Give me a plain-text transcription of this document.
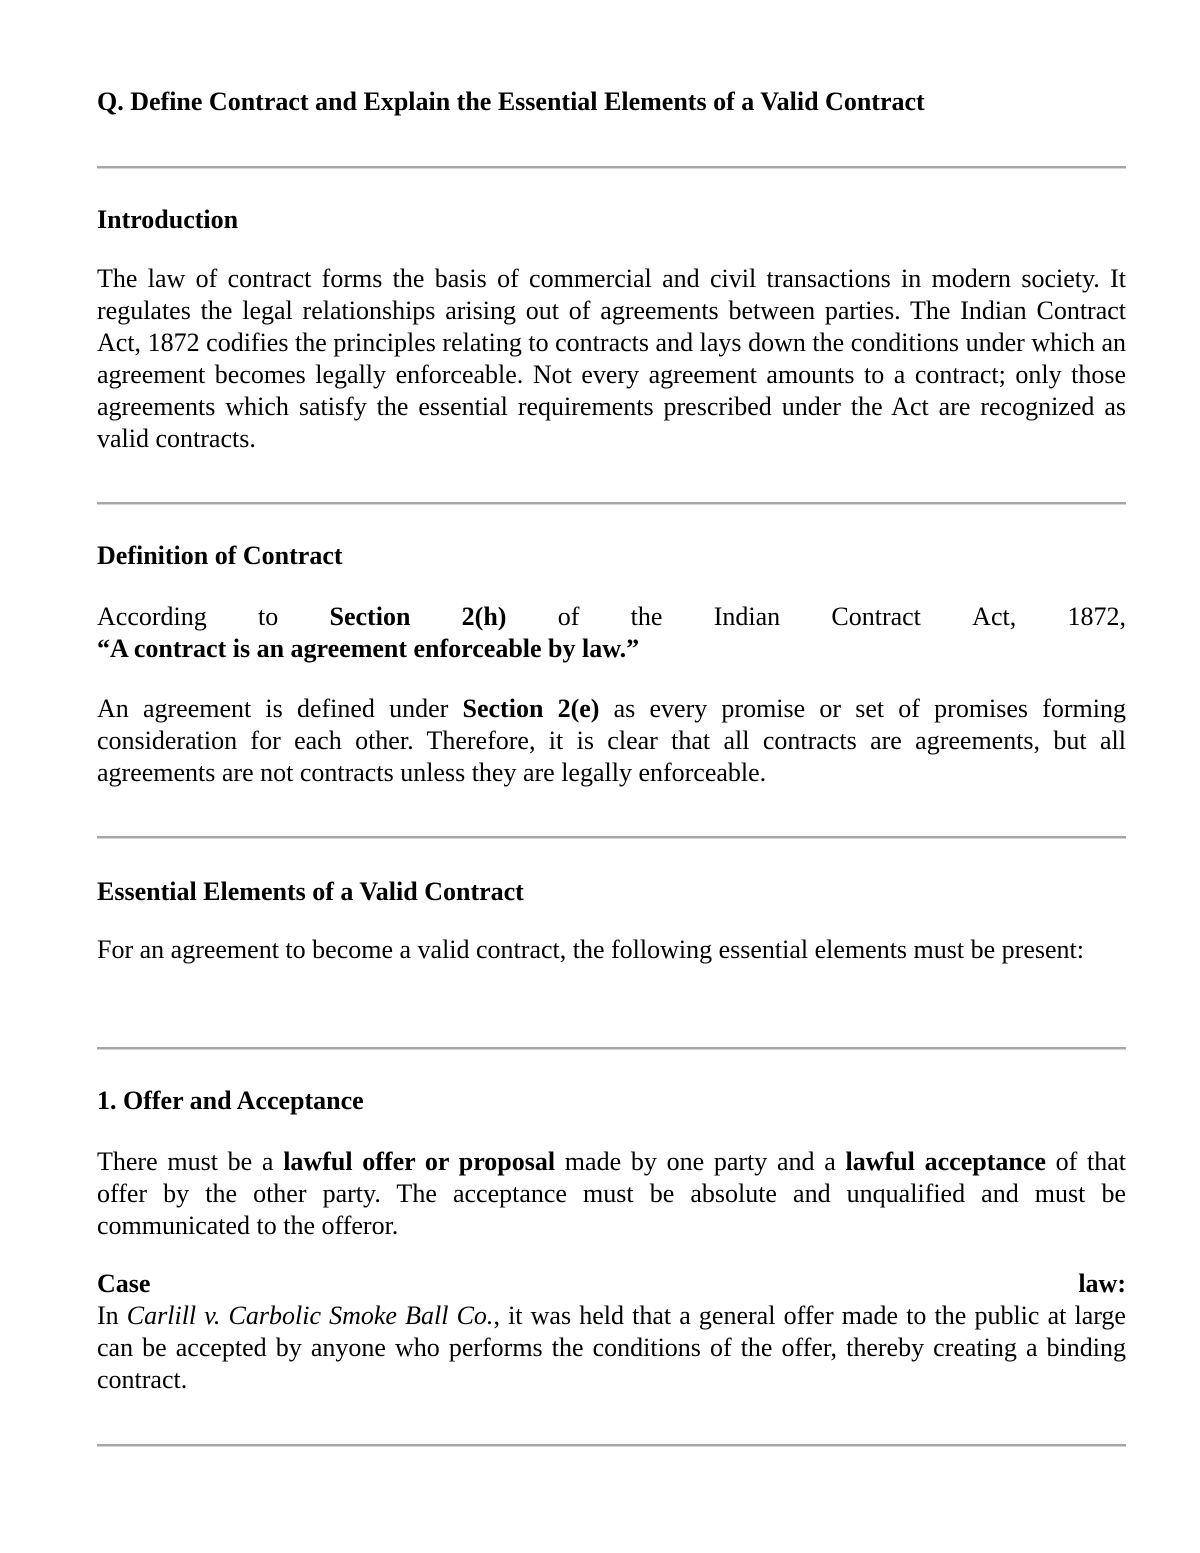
Q. Define Contract and Explain the Essential Elements of a Valid Contract
Introduction
The law of contract forms the basis of commercial and civil transactions in modern society. It regulates the legal relationships arising out of agreements between parties. The Indian Contract Act, 1872 codifies the principles relating to contracts and lays down the conditions under which an agreement becomes legally enforceable. Not every agreement amounts to a contract; only those agreements which satisfy the essential requirements prescribed under the Act are recognized as valid contracts.
Definition of Contract
According to Section 2(h) of the Indian Contract Act, 1872,
“A contract is an agreement enforceable by law.”
An agreement is defined under Section 2(e) as every promise or set of promises forming consideration for each other. Therefore, it is clear that all contracts are agreements, but all agreements are not contracts unless they are legally enforceable.
Essential Elements of a Valid Contract
For an agreement to become a valid contract, the following essential elements must be present:
1. Offer and Acceptance
There must be a lawful offer or proposal made by one party and a lawful acceptance of that offer by the other party. The acceptance must be absolute and unqualified and must be communicated to the offeror.
Case	law:
In Carlill v. Carbolic Smoke Ball Co., it was held that a general offer made to the public at large can be accepted by anyone who performs the conditions of the offer, thereby creating a binding contract.
